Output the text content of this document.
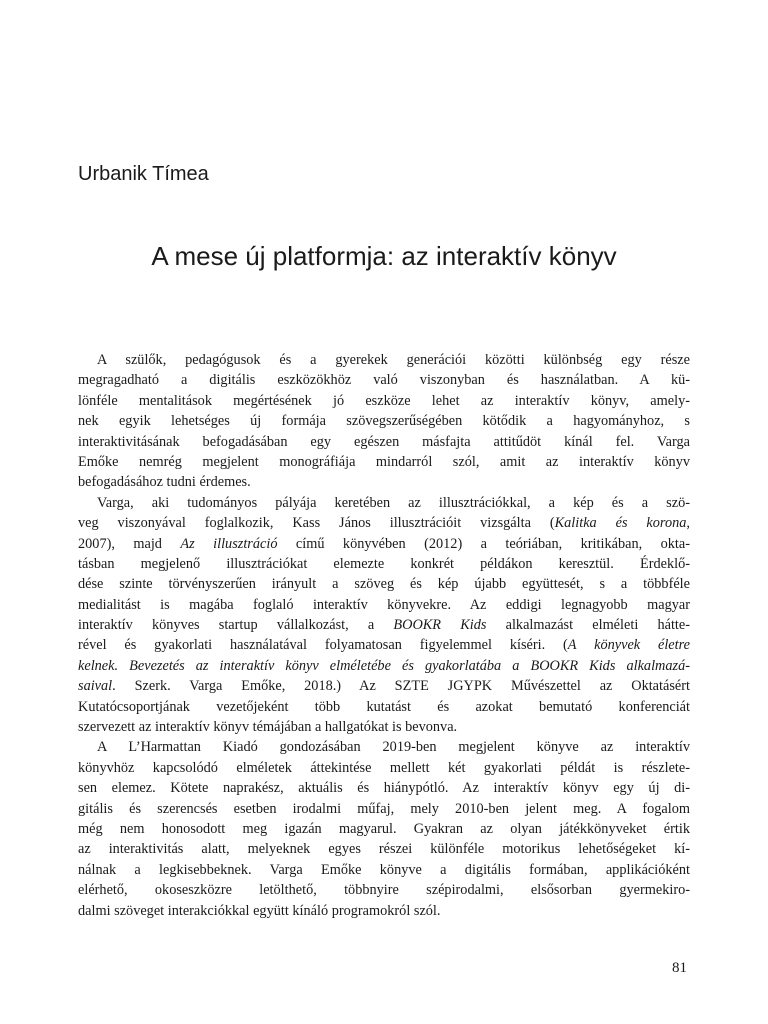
Urbanik Tímea
A mese új platformja: az interaktív könyv
A szülők, pedagógusok és a gyerekek generációi közötti különbség egy része
megragadható a digitális eszközökhöz való viszonyban és használatban. A kü-
lönféle mentalitások megértésének jó eszköze lehet az interaktív könyv, amely-
nek egyik lehetséges új formája szövegszerűségében kötődik a hagyományhoz, s
interaktivitásának befogadásában egy egészen másfajta attitűdöt kínál fel. Varga
Emőke nemrég megjelent monográfiája mindarról szól, amit az interaktív könyv
befogadásához tudni érdemes.
Varga, aki tudományos pályája keretében az illusztrációkkal, a kép és a szö-
veg viszonyával foglalkozik, Kass János illusztrációit vizsgálta (Kalitka és korona,
2007), majd Az illusztráció című könyvében (2012) a teóriában, kritikában, okta-
tásban megjelenő illusztrációkat elemezte konkrét példákon keresztül. Érdeklő-
dése szinte törvényszerűen irányult a szöveg és kép újabb együttesét, s a többféle
medialitást is magába foglaló interaktív könyvekre. Az eddigi legnagyobb magyar
interaktív könyves startup vállalkozást, a BOOKR Kids alkalmazást elméleti hátte-
rével és gyakorlati használatával folyamatosan figyelemmel kíséri. (A könyvek életre
kelnek. Bevezetés az interaktív könyv elméletébe és gyakorlatába a BOOKR Kids alkalmazá-
saival. Szerk. Varga Emőke, 2018.) Az SZTE JGYPK Művészettel az Oktatásért
Kutatócsoportjának vezetőjeként több kutatást és azokat bemutató konferenciát
szervezett az interaktív könyv témájában a hallgatókat is bevonva.
A L’Harmattan Kiadó gondozásában 2019-ben megjelent könyve az interaktív
könyvhöz kapcsolódó elméletek áttekintése mellett két gyakorlati példát is részlete-
sen elemez. Kötete naprakész, aktuális és hiánypótló. Az interaktív könyv egy új di-
gitális és szerencsés esetben irodalmi műfaj, mely 2010-ben jelent meg. A fogalom
még nem honosodott meg igazán magyarul. Gyakran az olyan játékkönyveket értik
az interaktivitás alatt, melyeknek egyes részei különféle motorikus lehetőségeket kí-
nálnak a legkisebbeknek. Varga Emőke könyve a digitális formában, applikációként
elérhető, okoseszközre letölthető, többnyire szépirodalmi, elsősorban gyermekiro-
dalmi szöveget interakciókkal együtt kínáló programokról szól.

81
